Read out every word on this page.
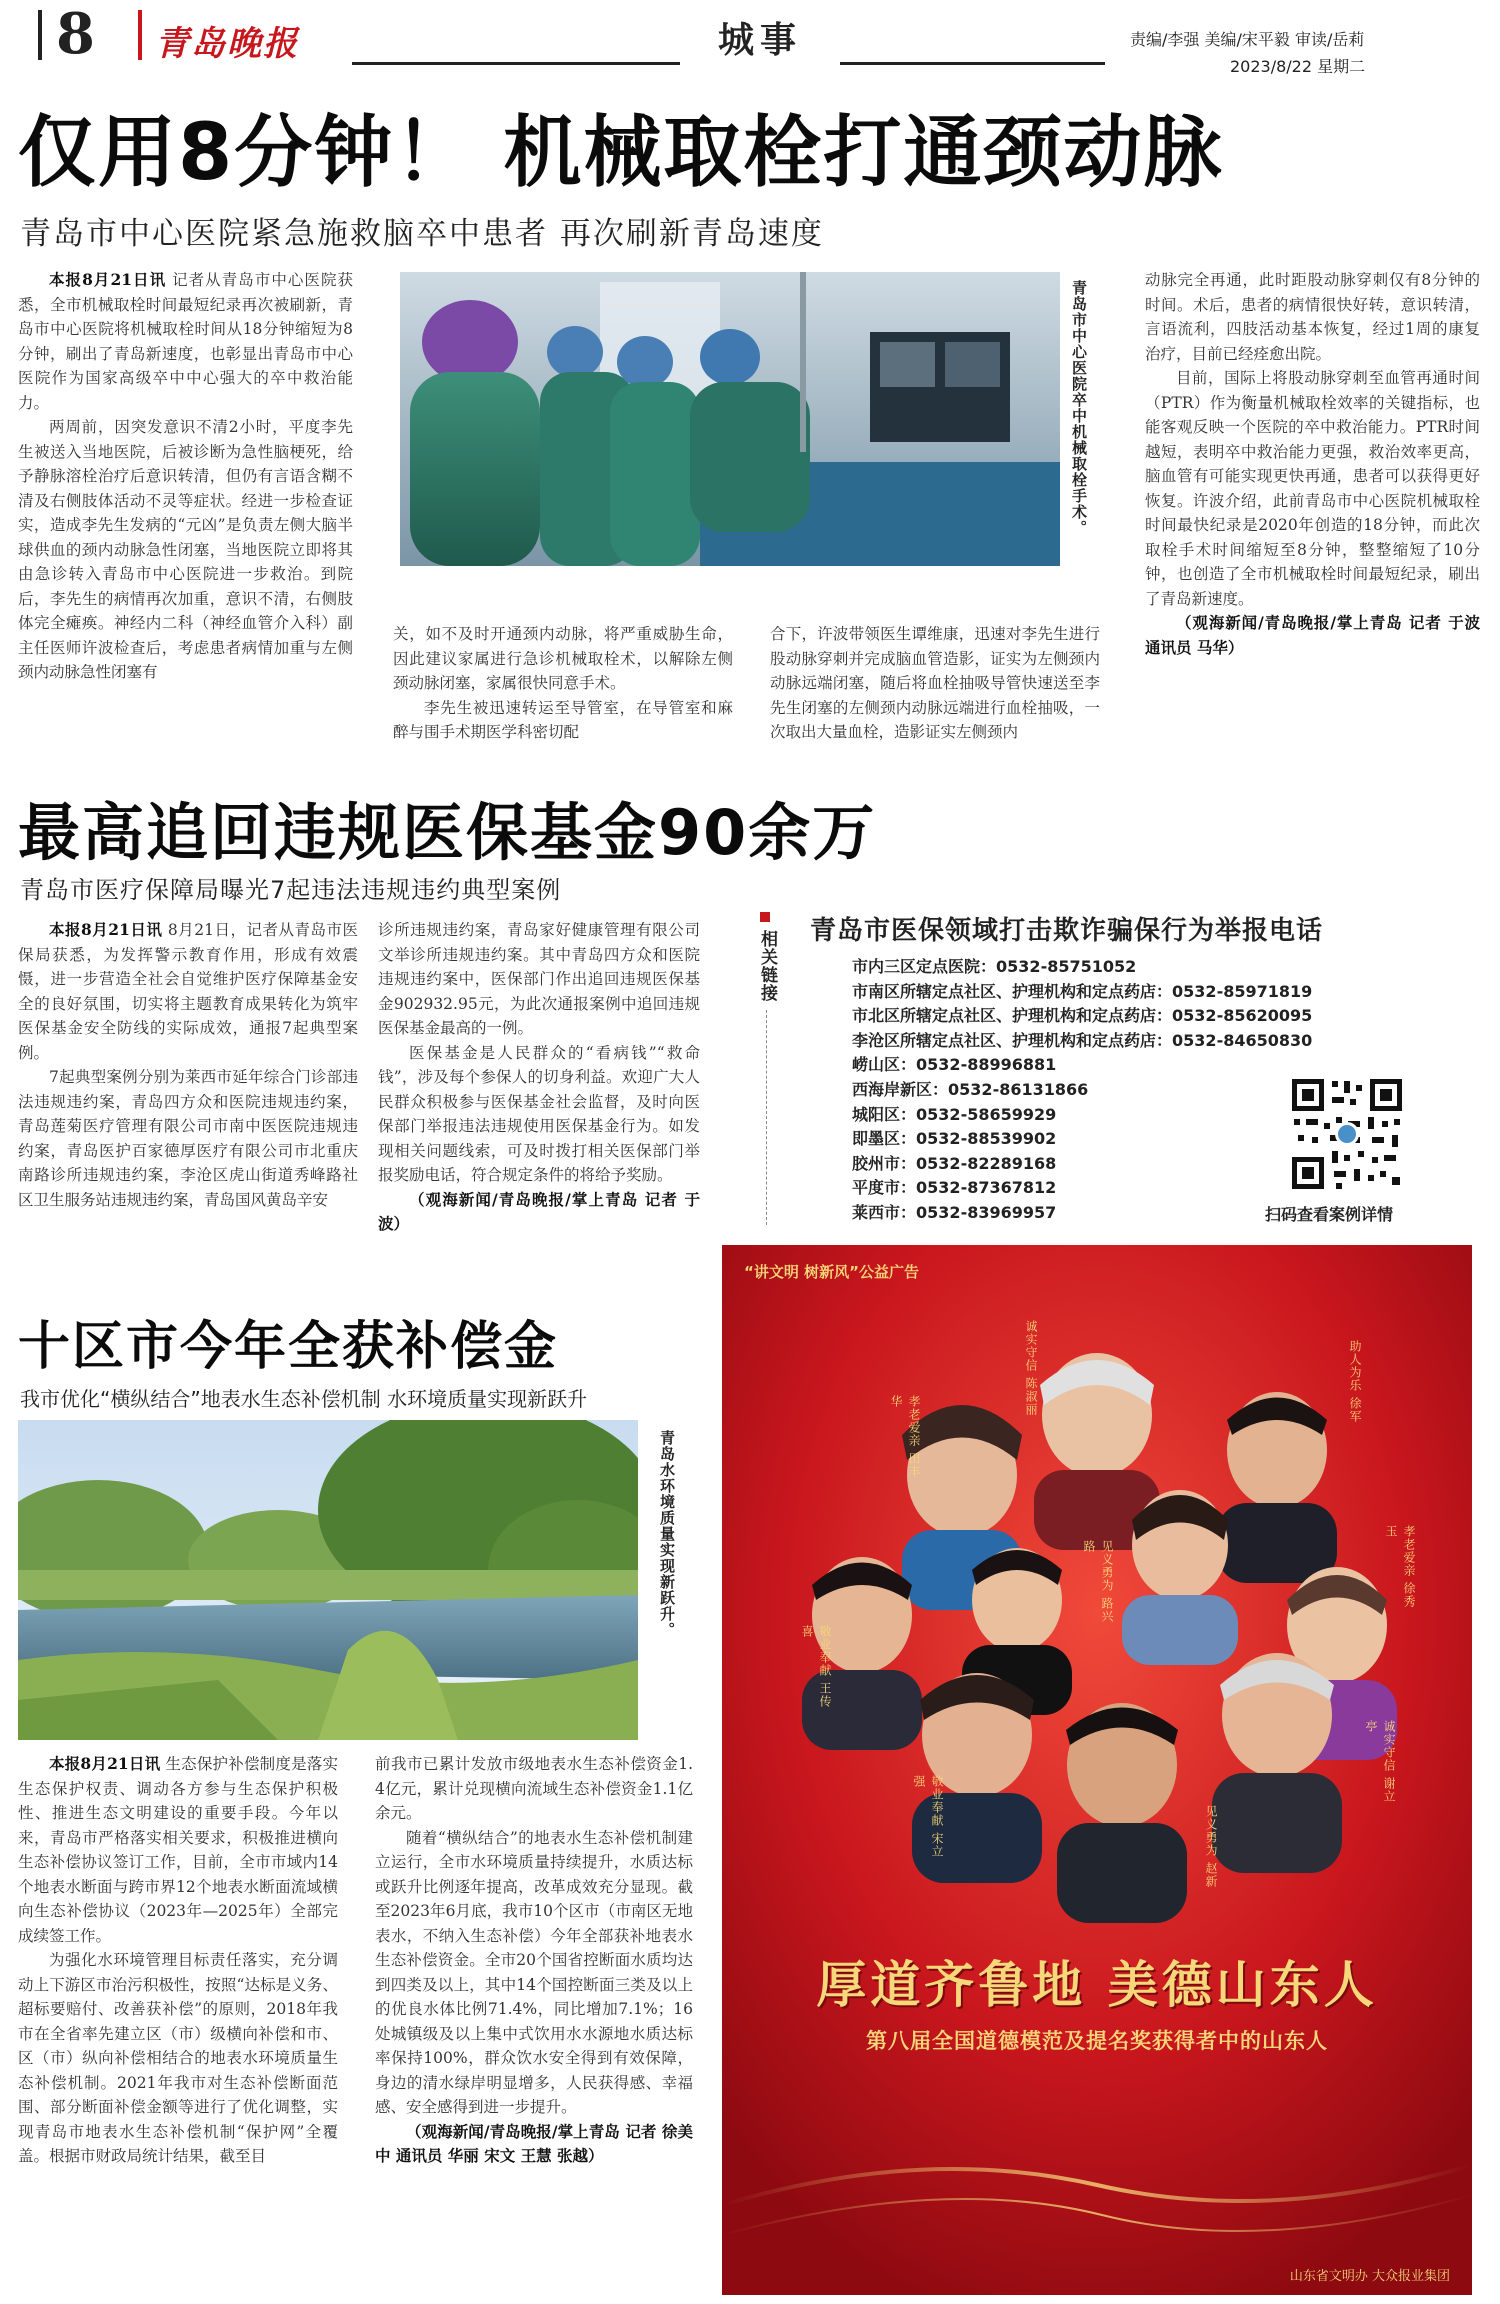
8 青岛晚报	城事	责编/李强 美编/宋平毅 审读/岳莉
2023/8/22 星期二
仅用8分钟！ 机械取栓打通颈动脉
青岛市中心医院紧急施救脑卒中患者 再次刷新青岛速度

本报8月21日讯 记者从青岛市中心医院获悉，全市机械取栓时间最短纪录再次被刷新，青岛市中心医院将机械取栓时间从18分钟缩短为8分钟，刷出了青岛新速度，也彰显出青岛市中心医院作为国家高级卒中中心强大的卒中救治能力。

两周前，因突发意识不清2小时，平度李先生被送入当地医院，后被诊断为急性脑梗死，给予静脉溶栓治疗后意识转清，但仍有言语含糊不清及右侧肢体活动不灵等症状。经进一步检查证实，造成李先生发病的“元凶”是负责左侧大脑半球供血的颈内动脉急性闭塞，当地医院立即将其由急诊转入青岛市中心医院进一步救治。到院后，李先生的病情再次加重，意识不清，右侧肢体完全瘫痪。神经内二科（神经血管介入科）副主任医师许波检查后，考虑患者病情加重与左侧颈内动脉急性闭塞有

青岛市中心医院卒中机械取栓手术。

关，如不及时开通颈内动脉，将严重威胁生命，因此建议家属进行急诊机械取栓术，以解除左侧颈动脉闭塞，家属很快同意手术。

李先生被迅速转运至导管室，在导管室和麻醉与围手术期医学科密切配

合下，许波带领医生谭维康，迅速对李先生进行股动脉穿刺并完成脑血管造影，证实为左侧颈内动脉远端闭塞，随后将血栓抽吸导管快速送至李先生闭塞的左侧颈内动脉远端进行血栓抽吸，一次取出大量血栓，造影证实左侧颈内

动脉完全再通，此时距股动脉穿刺仅有8分钟的时间。术后，患者的病情很快好转，意识转清，言语流利，四肢活动基本恢复，经过1周的康复治疗，目前已经痊愈出院。

目前，国际上将股动脉穿刺至血管再通时间（PTR）作为衡量机械取栓效率的关键指标，也能客观反映一个医院的卒中救治能力。PTR时间越短，表明卒中救治能力更强，救治效率更高，脑血管有可能实现更快再通，患者可以获得更好恢复。许波介绍，此前青岛市中心医院机械取栓时间最快纪录是2020年创造的18分钟，而此次取栓手术时间缩短至8分钟，整整缩短了10分钟，也创造了全市机械取栓时间最短纪录，刷出了青岛新速度。

（观海新闻/青岛晚报/掌上青岛 记者 于波 通讯员 马华）

最高追回违规医保基金90余万
青岛市医疗保障局曝光7起违法违规违约典型案例

本报8月21日讯 8月21日，记者从青岛市医保局获悉，为发挥警示教育作用，形成有效震慑，进一步营造全社会自觉维护医疗保障基金安全的良好氛围，切实将主题教育成果转化为筑牢医保基金安全防线的实际成效，通报7起典型案例。

7起典型案例分别为莱西市延年综合门诊部违法违规违约案，青岛四方众和医院违规违约案，青岛莲菊医疗管理有限公司市南中医医院违规违约案，青岛医护百家德厚医疗有限公司市北重庆南路诊所违规违约案，李沧区虎山街道秀峰路社区卫生服务站违规违约案，青岛国风黄岛辛安

诊所违规违约案，青岛家好健康管理有限公司文举诊所违规违约案。其中青岛四方众和医院违规违约案中，医保部门作出追回违规医保基金902932.95元，为此次通报案例中追回违规医保基金最高的一例。

医保基金是人民群众的“看病钱”“救命钱”，涉及每个参保人的切身利益。欢迎广大人民群众积极参与医保基金社会监督，及时向医保部门举报违法违规使用医保基金行为。如发现相关问题线索，可及时拨打相关医保部门举报奖励电话，符合规定条件的将给予奖励。

（观海新闻/青岛晚报/掌上青岛 记者 于波）

相关链接 青岛市医保领域打击欺诈骗保行为举报电话
市内三区定点医院：0532-85751052
市南区所辖定点社区、护理机构和定点药店：0532-85971819
市北区所辖定点社区、护理机构和定点药店：0532-85620095
李沧区所辖定点社区、护理机构和定点药店：0532-84650830
崂山区：0532-88996881
西海岸新区：0532-86131866
城阳区：0532-58659929
即墨区：0532-88539902
胶州市：0532-82289168
平度市：0532-87367812
莱西市：0532-83969957	扫码查看案例详情
十区市今年全获补偿金
我市优化“横纵结合”地表水生态补偿机制 水环境质量实现新跃升
青岛水环境质量实现新跃升。

本报8月21日讯 生态保护补偿制度是落实生态保护权责、调动各方参与生态保护积极性、推进生态文明建设的重要手段。今年以来，青岛市严格落实相关要求，积极推进横向生态补偿协议签订工作，目前，全市市域内14个地表水断面与跨市界12个地表水断面流域横向生态补偿协议（2023年—2025年）全部完成续签工作。

为强化水环境管理目标责任落实，充分调动上下游区市治污积极性，按照“达标是义务、超标要赔付、改善获补偿”的原则，2018年我市在全省率先建立区（市）级横向补偿和市、区（市）纵向补偿相结合的地表水环境质量生态补偿机制。2021年我市对生态补偿断面范围、部分断面补偿金额等进行了优化调整，实现青岛市地表水生态补偿机制“保护网”全覆盖。根据市财政局统计结果，截至目

前我市已累计发放市级地表水生态补偿资金1.4亿元，累计兑现横向流域生态补偿资金1.1亿余元。

随着“横纵结合”的地表水生态补偿机制建立运行，全市水环境质量持续提升，水质达标或跃升比例逐年提高，改革成效充分显现。截至2023年6月底，我市10个区市（市南区无地表水，不纳入生态补偿）今年全部获补地表水生态补偿资金。全市20个国省控断面水质均达到四类及以上，其中14个国控断面三类及以上的优良水体比例71.4%，同比增加7.1%；16处城镇级及以上集中式饮用水水源地水质达标率保持100%，群众饮水安全得到有效保障，身边的清水绿岸明显增多，人民获得感、幸福感、安全感得到进一步提升。

（观海新闻/青岛晚报/掌上青岛 记者 徐美中 通讯员 华丽 宋文 王慧 张越）

“讲文明 树新风”公益广告
孝老爱亲 田丰华	诚实守信 陈淑丽	助人为乐 徐军
见义勇为 路兴路	孝老爱亲 徐秀玉
敬业奉献 王传喜
敬业奉献 宋立强	诚实守信 谢立亭
见义勇为 赵新
厚道齐鲁地 美德山东人
第八届全国道德模范及提名奖获得者中的山东人
山东省文明办 大众报业集团
